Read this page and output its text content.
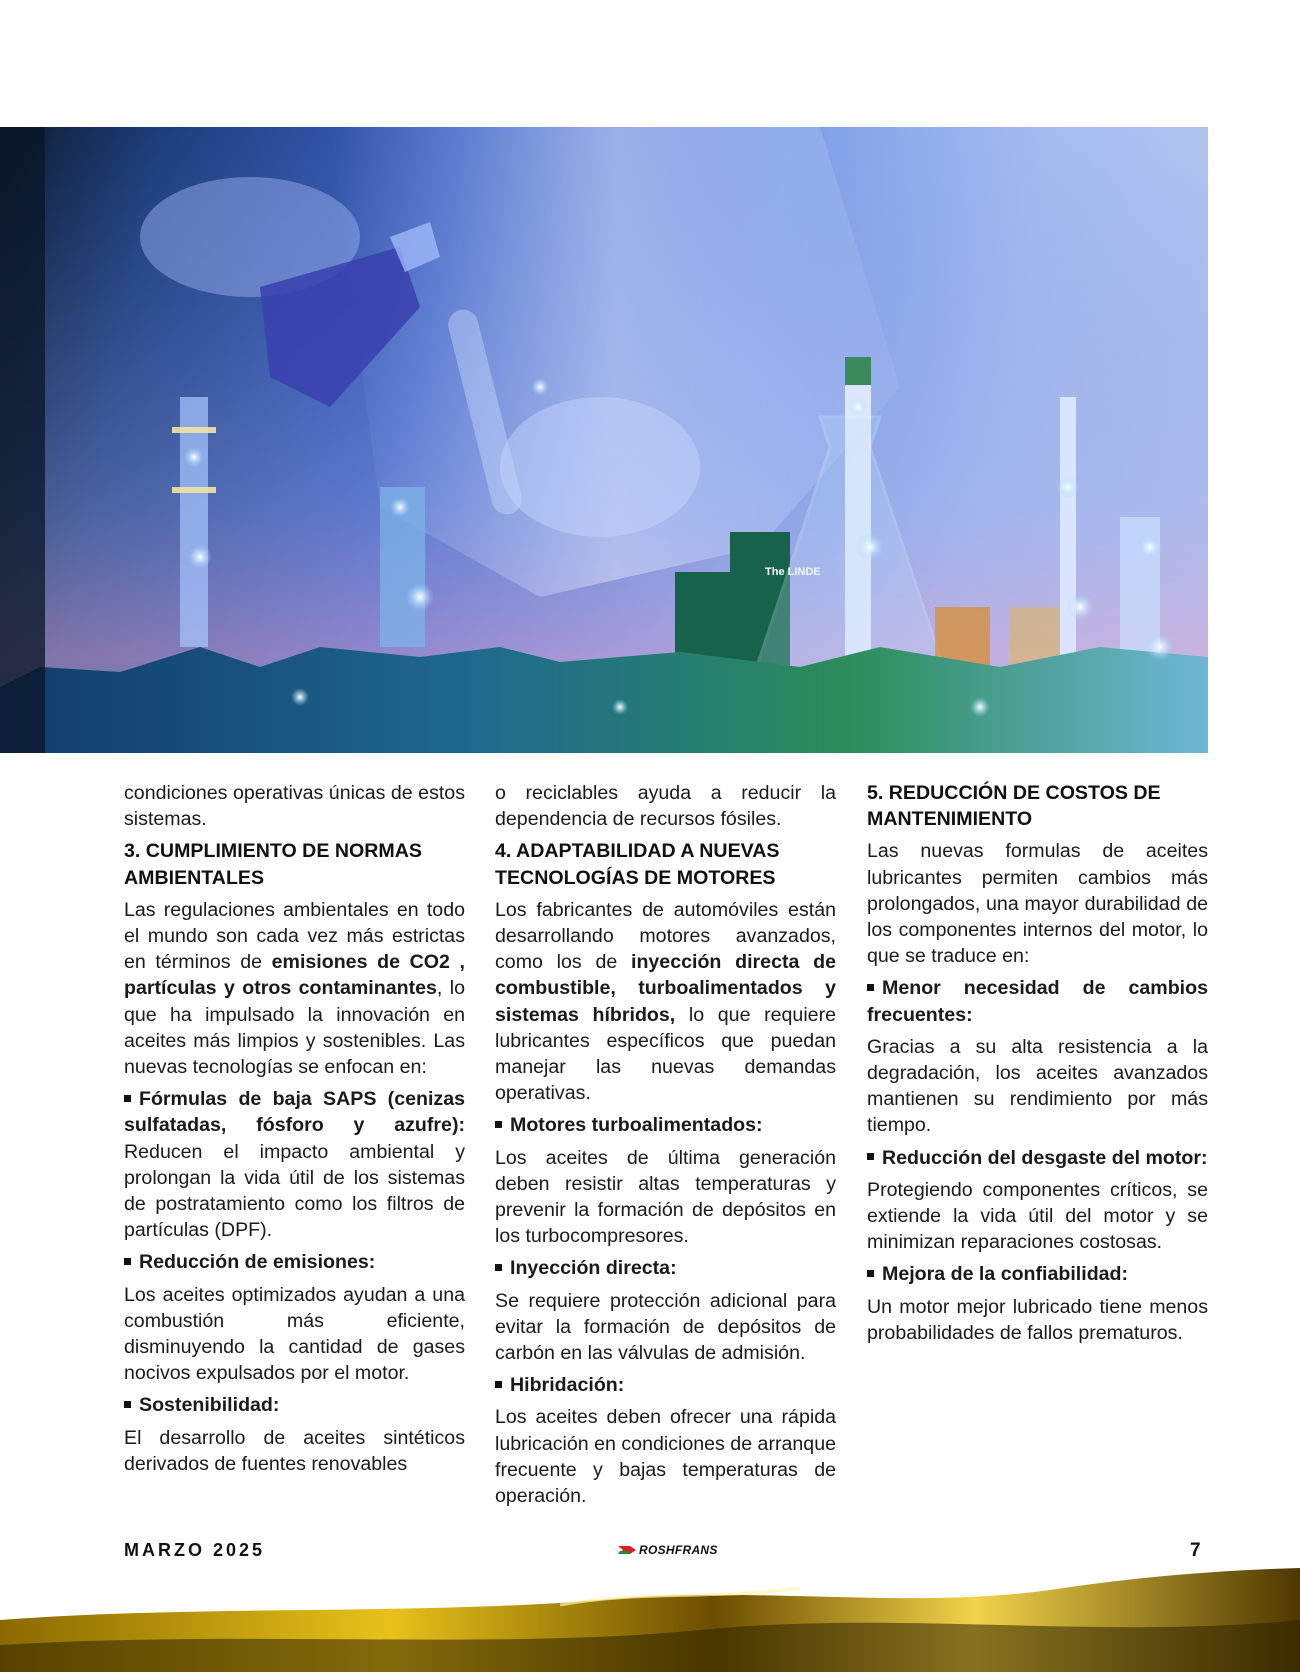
The LINDE

condiciones operativas únicas de estos sistemas.

3. CUMPLIMIENTO DE NORMAS AMBIENTALES

Las regulaciones ambientales en todo el mundo son cada vez más estrictas en términos de emisiones de CO2 , partículas y otros contaminantes, lo que ha impulsado la innovación en aceites más limpios y sostenibles. Las nuevas tecnologías se enfocan en:

Fórmulas de baja SAPS (cenizas sulfatadas, fósforo y azufre): Reducen el impacto ambiental y prolongan la vida útil de los sistemas de postratamiento como los filtros de partículas (DPF).

Reducción de emisiones:

Los aceites optimizados ayudan a una combustión más eficiente, disminuyendo la cantidad de gases nocivos expulsados por el motor.

Sostenibilidad:

El desarrollo de aceites sintéticos derivados de fuentes renovables

o reciclables ayuda a reducir la dependencia de recursos fósiles.

4. ADAPTABILIDAD A NUEVAS TECNOLOGÍAS DE MOTORES

Los fabricantes de automóviles están desarrollando motores avanzados, como los de inyección directa de combustible, turboalimentados y sistemas híbridos, lo que requiere lubricantes específicos que puedan manejar las nuevas demandas operativas.

Motores turboalimentados:

Los aceites de última generación deben resistir altas temperaturas y prevenir la formación de depósitos en los turbocompresores.

Inyección directa:

Se requiere protección adicional para evitar la formación de depósitos de carbón en las válvulas de admisión.

Hibridación:

Los aceites deben ofrecer una rápida lubricación en condiciones de arranque frecuente y bajas temperaturas de operación.

5. REDUCCIÓN DE COSTOS DE MANTENIMIENTO

Las nuevas formulas de aceites lubricantes permiten cambios más prolongados, una mayor durabilidad de los componentes internos del motor, lo que se traduce en:

Menor necesidad de cambios frecuentes:

Gracias a su alta resistencia a la degradación, los aceites avanzados mantienen su rendimiento por más tiempo.

Reducción del desgaste del motor:

Protegiendo componentes críticos, se extiende la vida útil del motor y se minimizan reparaciones costosas.

Mejora de la confiabilidad:

Un motor mejor lubricado tiene menos probabilidades de fallos prematuros.

MARZO 2025	ROSHFRANS	7
